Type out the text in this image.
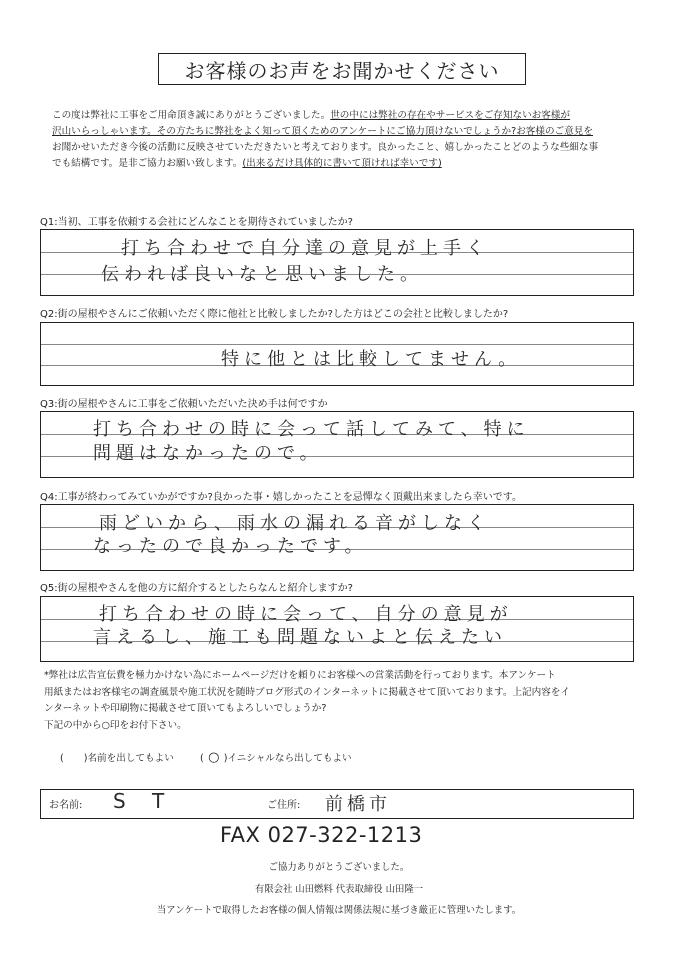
お客様のお声をお聞かせください
この度は弊社に工事をご用命頂き誠にありがとうございました。世の中には弊社の存在やサービスをご存知ないお客様が
沢山いらっしゃいます。その方たちに弊社をよく知って頂くためのアンケートにご協力頂けないでしょうか?お客様のご意見を
お聞かせいただき今後の活動に反映させていただきたいと考えております。良かったこと、嬉しかったことどのような些細な事
でも結構です。是非ご協力お願い致します。(出来るだけ具体的に書いて頂ければ幸いです)
Q1:当初、工事を依頼する会社にどんなことを期待されていましたか?
打ち合わせで自分達の意見が上手く
伝われば良いなと思いました。
Q2:街の屋根やさんにご依頼いただく際に他社と比較しましたか?した方はどこの会社と比較しましたか?
特に他とは比較してません。
Q3:街の屋根やさんに工事をご依頼いただいた決め手は何ですか
打ち合わせの時に会って話してみて、特に
問題はなかったので。
Q4:工事が終わってみていかがですか?良かった事・嬉しかったことを忌憚なく頂戴出来ましたら幸いです。
雨どいから、雨水の漏れる音がしなく
なったので良かったです。
Q5:街の屋根やさんを他の方に紹介するとしたらなんと紹介しますか?
打ち合わせの時に会って、自分の意見が
言えるし、施工も問題ないよと伝えたい
*弊社は広告宣伝費を極力かけない為にホームページだけを頼りにお客様への営業活動を行っております。本アンケート
用紙またはお客様宅の調査風景や施工状況を随時ブログ形式のインターネットに掲載させて頂いております。上記内容をイ
ンターネットや印刷物に掲載させて頂いてもよろしいでしょうか?
下記の中から○印をお付下さい。
( )名前を出してもよい	( ○ )イニシャルなら出してもよい
お名前: S T	ご住所: 前橋市
FAX 027-322-1213
ご協力ありがとうございました。
有限会社 山田燃料 代表取締役 山田隆一
当アンケートで取得したお客様の個人情報は関係法規に基づき厳正に管理いたします。
